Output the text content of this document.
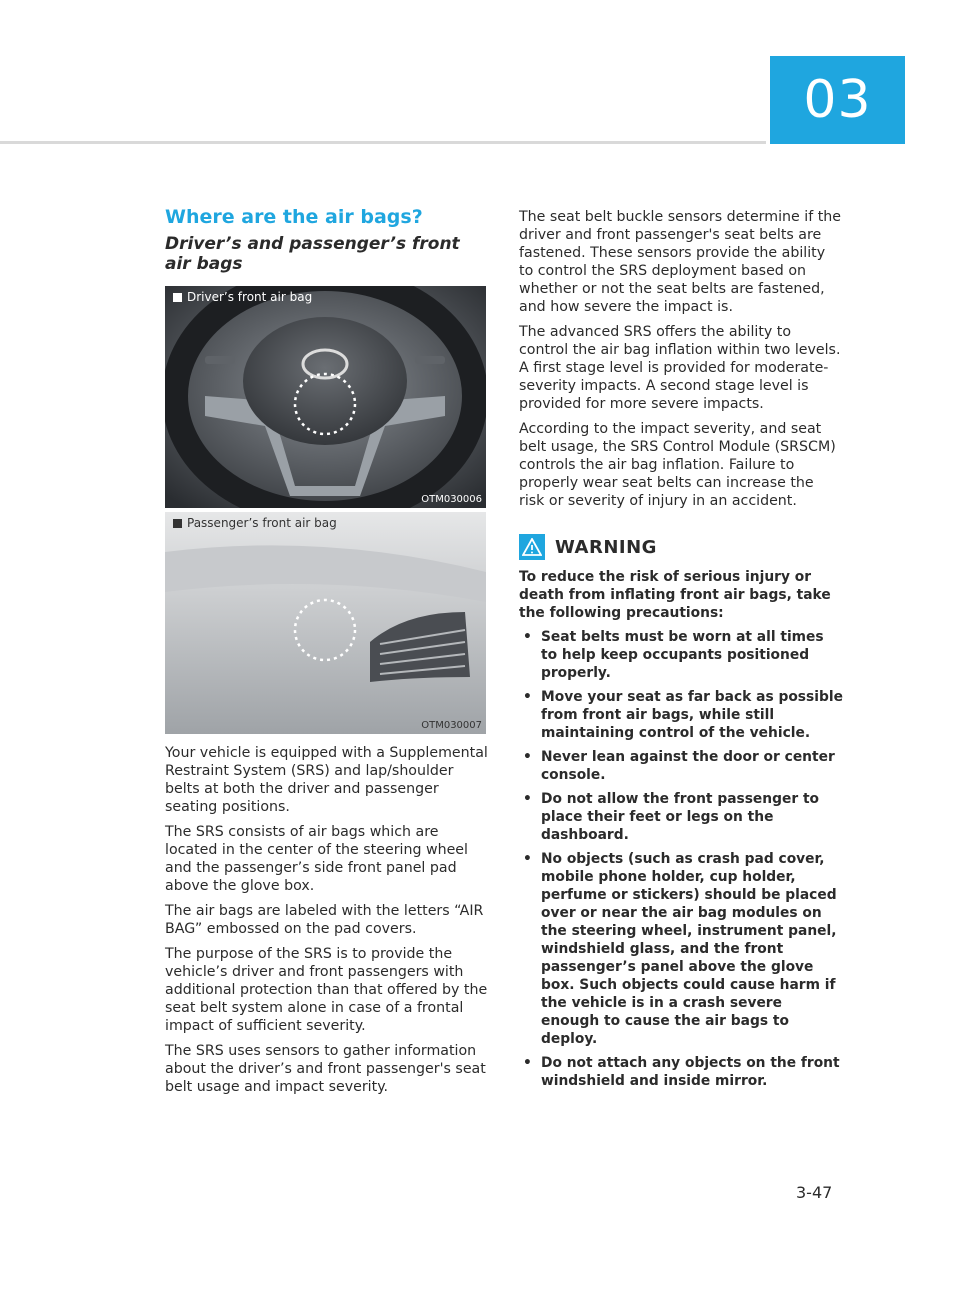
03
Where are the air bags?
Driver’s and passenger’s front air bags
Driver’s front air bag
OTM030006
Passenger’s front air bag
OTM030007

Your vehicle is equipped with a Supplemental Restraint System (SRS) and lap/shoulder belts at both the driver and passenger seating positions.

The SRS consists of air bags which are located in the center of the steering wheel and the passenger’s side front panel pad above the glove box.

The air bags are labeled with the letters “AIR BAG” embossed on the pad covers.

The purpose of the SRS is to provide the vehicle’s driver and front passengers with additional protection than that offered by the seat belt system alone in case of a frontal impact of sufficient severity.

The SRS uses sensors to gather information about the driver’s and front passenger's seat belt usage and impact severity.

The seat belt buckle sensors determine if the driver and front passenger's seat belts are fastened. These sensors provide the ability to control the SRS deployment based on whether or not the seat belts are fastened, and how severe the impact is.

The advanced SRS offers the ability to control the air bag inflation within two levels. A first stage level is provided for moderate-severity impacts. A second stage level is provided for more severe impacts.

According to the impact severity, and seat belt usage, the SRS Control Module (SRSCM) controls the air bag inflation. Failure to properly wear seat belts can increase the risk or severity of injury in an accident.

WARNING

To reduce the risk of serious injury or death from inflating front air bags, take the following precautions:

• Seat belts must be worn at all times to help keep occupants positioned properly.
• Move your seat as far back as possible from front air bags, while still maintaining control of the vehicle.
• Never lean against the door or center console.
• Do not allow the front passenger to place their feet or legs on the dashboard.
• No objects (such as crash pad cover, mobile phone holder, cup holder, perfume or stickers) should be placed over or near the air bag modules on the steering wheel, instrument panel, windshield glass, and the front passenger’s panel above the glove box. Such objects could cause harm if the vehicle is in a crash severe enough to cause the air bags to deploy.
• Do not attach any objects on the front windshield and inside mirror.
3-47
